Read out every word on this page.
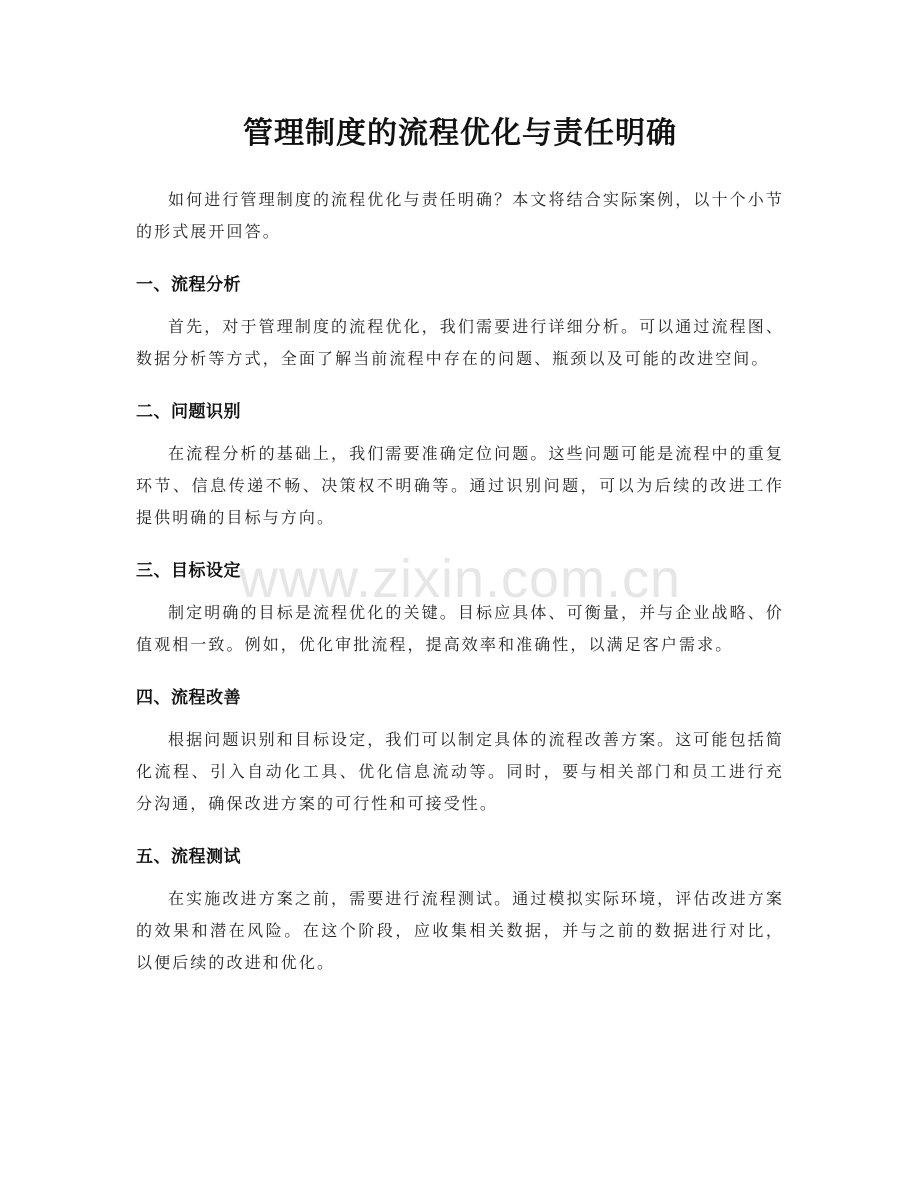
管理制度的流程优化与责任明确

如何进行管理制度的流程优化与责任明确？本文将结合实际案例，以十个小节的形式展开回答。

一、流程分析

首先，对于管理制度的流程优化，我们需要进行详细分析。可以通过流程图、数据分析等方式，全面了解当前流程中存在的问题、瓶颈以及可能的改进空间。

二、问题识别

在流程分析的基础上，我们需要准确定位问题。这些问题可能是流程中的重复环节、信息传递不畅、决策权不明确等。通过识别问题，可以为后续的改进工作提供明确的目标与方向。

三、目标设定

制定明确的目标是流程优化的关键。目标应具体、可衡量，并与企业战略、价值观相一致。例如，优化审批流程，提高效率和准确性，以满足客户需求。

四、流程改善

根据问题识别和目标设定，我们可以制定具体的流程改善方案。这可能包括简化流程、引入自动化工具、优化信息流动等。同时，要与相关部门和员工进行充分沟通，确保改进方案的可行性和可接受性。

五、流程测试

在实施改进方案之前，需要进行流程测试。通过模拟实际环境，评估改进方案的效果和潜在风险。在这个阶段，应收集相关数据，并与之前的数据进行对比，以便后续的改进和优化。

www.zixin.com.cn
